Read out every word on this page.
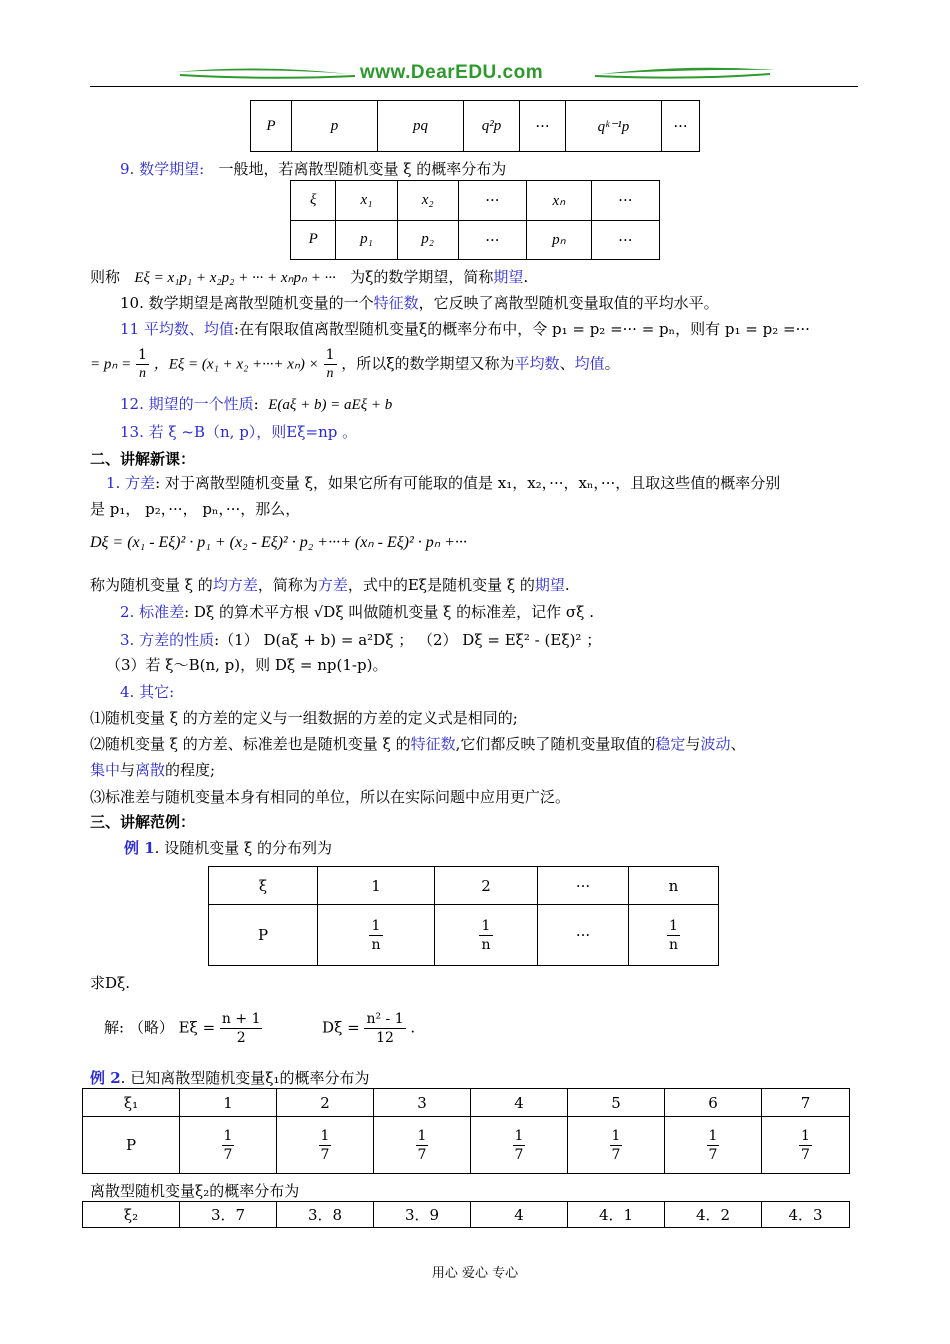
www.DearEDU.com
P	p	pq	q²p	···	qᵏ⁻¹p	···
9. 数学期望: 一般地，若离散型随机变量 ξ 的概率分布为
ξ	x₁	x₂	···	xₙ	···
P	p₁	p₂	···	pₙ	···
则称 Eξ = x₁p₁ + x₂p₂ + ··· + xₙpₙ + ··· 为ξ的数学期望，简称期望.
10. 数学期望是离散型随机变量的一个特征数，它反映了离散型随机变量取值的平均水平。
11 平均数、均值:在有限取值离散型随机变量ξ的概率分布中，令 p₁ = p₂ =··· = pₙ，则有 p₁ = p₂ =···
= $p_n = \frac{1}{n}$ ，Eξ = (x₁ + x₂ +···+ $x_n) \times \frac{1}{n}$ ，所以ξ的数学期望又称为平均数、均值。
12. 期望的一个性质: E(aξ + b) = aEξ + b
13. 若 ξ ~B（n, p），则Eξ=np 。
二、讲解新课：
1. 方差: 对于离散型随机变量 ξ，如果它所有可能取的值是 x₁，x₂，···，xₙ，···，且取这些值的概率分别
是 p₁， p₂，···， pₙ，···，那么，
Dξ = (x₁ - Eξ)² · p₁ + (x₂ - Eξ)² · p₂ +···+ (xₙ - Eξ)² · pₙ +···
称为随机变量 ξ 的均方差，简称为方差，式中的Eξ是随机变量 ξ 的期望.
2. 标准差: Dξ 的算术平方根 √Dξ 叫做随机变量 ξ 的标准差，记作 σξ .
3. 方差的性质:（1） D(aξ + b) = a²Dξ ； （2） Dξ = Eξ² - (Eξ)² ；
（3）若 ξ～B(n, p)，则 Dξ = np(1-p)。
4. 其它:
⑴随机变量 ξ 的方差的定义与一组数据的方差的定义式是相同的;
⑵随机变量 ξ 的方差、标准差也是随机变量 ξ 的特征数,它们都反映了随机变量取值的稳定与波动、
集中与离散的程度;
⑶标准差与随机变量本身有相同的单位，所以在实际问题中应用更广泛。
三、讲解范例：
例 1. 设随机变量 ξ 的分布列为
ξ	1	2	···	n
P	$\frac{1}{n}$	$\frac{1}{n}$	···	$\frac{1}{n}$
求Dξ.
解: （略） $E\xi = \frac{n + 1}{2}$	$D\xi = \frac{\text{n² - 1}}{12}$ .
例 2. 已知离散型随机变量ξ₁的概率分布为
ξ₁	1	2	3	4	5	6	7
P	$\frac{1}{7}$	$\frac{1}{7}$	$\frac{1}{7}$	$\frac{1}{7}$	$\frac{1}{7}$	$\frac{1}{7}$	$\frac{1}{7}$
离散型随机变量ξ₂的概率分布为
ξ₂	3．7	3．8	3．9	4	4．1	4．2	4．3
用心 爱心 专心
